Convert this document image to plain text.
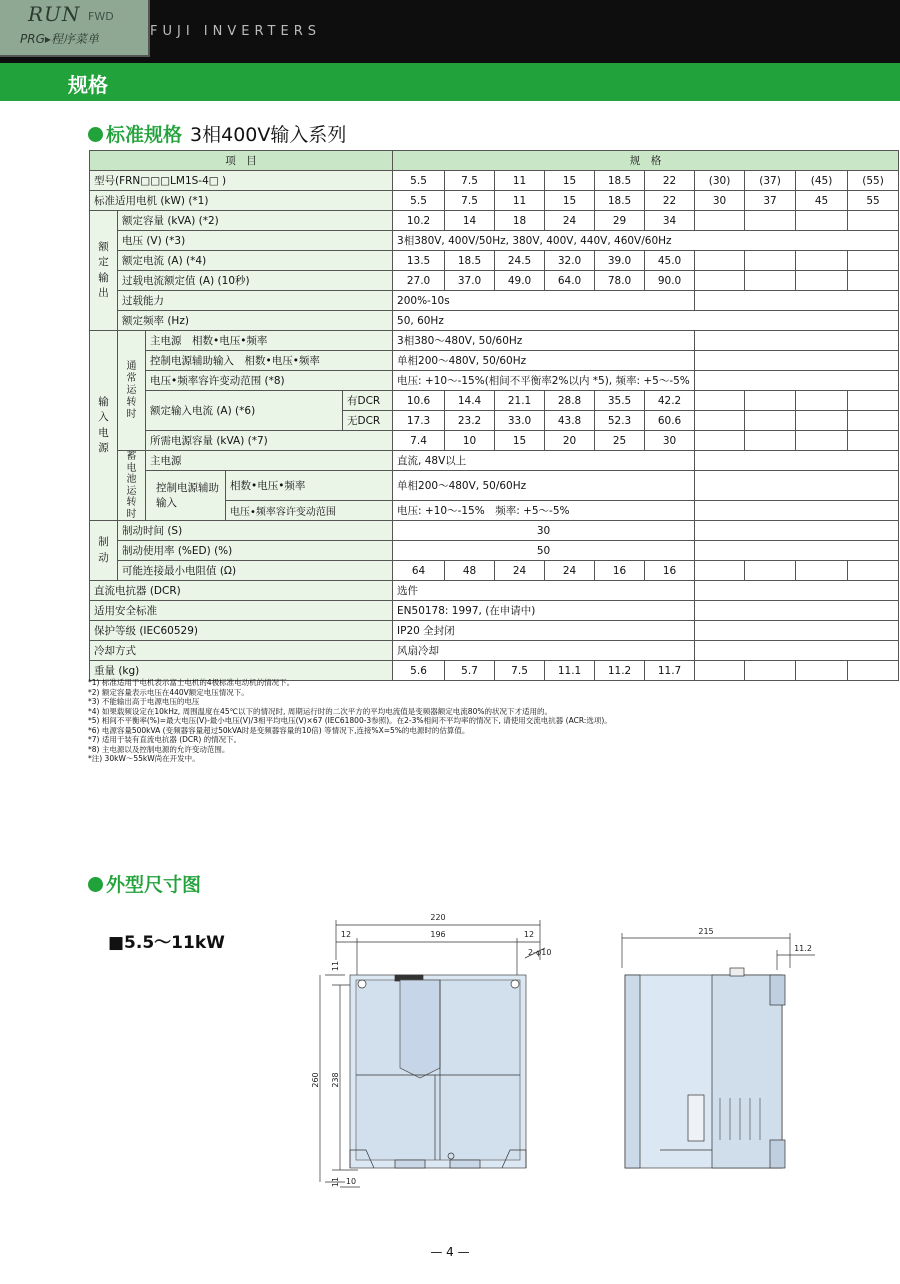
RUN FWD
PRG▸程序菜单	FUJI INVERTERS
规格
标准规格 3相400V输入系列
项　目					规　格									
型号(FRN□□□LM1S-4□ )					5.5	7.5	11	15	18.5	22	(30)	(37)	(45)	(55)
标准适用电机 (kW) (*1)					5.5	7.5	11	15	18.5	22	30	37	45	55

额定输出	额定容量 (kVA) (*2)				10.2	14	18	24	29	34				
	电压 (V) (*3)				3相380V, 400V/50Hz, 380V, 400V, 440V, 460V/60Hz									
	额定电流 (A) (*4)				13.5	18.5	24.5	32.0	39.0	45.0				
	过载电流额定值 (A) (10秒)				27.0	37.0	49.0	64.0	78.0	90.0				
	过载能力				200%-10s									
	额定频率 (Hz)				50, 60Hz									

输入电源	通常运转时	主电源　相数•电压•频率			3相380～480V, 50/60Hz									
		控制电源辅助输入　相数•电压•频率			单相200～480V, 50/60Hz									
		电压•频率容许变动范围 (*8)			电压: +10～-15%(相间不平衡率2%以内 *5), 频率: +5～-5%									
		额定输入电流 (A) (*6)		有DCR	10.6	14.4	21.1	28.8	35.5	42.2				
				无DCR	17.3	23.2	33.0	43.8	52.3	60.6				
		所需电源容量 (kVA) (*7)			7.4	10	15	20	25	30				

	蓄电池运转时	主电源			直流, 48V以上									
		控制电源辅助输入	相数•电压•频率		单相200～480V, 50/60Hz									
			电压•频率容许变动范围		电压: +10～-15%　频率: +5～-5%									

制动	制动时间 (S)				30									
	制动使用率 (%ED) (%)				50									
	可能连接最小电阻值 (Ω)				64	48	24	24	16	16				
直流电抗器 (DCR)					选件									
适用安全标准					EN50178: 1997, (在申请中)									
保护等级 (IEC60529)					IP20 全封闭									
冷却方式					风扇冷却									
重量 (kg)					5.6	5.7	7.5	11.1	11.2	11.7				
*1) 标准适用于电机表示富士电机的4极标准电动机的情况下。
*2) 额定容量表示电压在440V额定电压情况下。
*3) 不能输出高于电源电压的电压
*4) 如果载频设定在10kHz, 周围温度在45℃以下的情况时, 周期运行时的二次平方的平均电流值是变频器额定电流80%的状况下才适用的。
*5) 相间不平衡率(%)=最大电压(V)-最小电压(V)/3相平均电压(V)×67 (IEC61800-3参照)。在2-3%相间不平均率的情况下, 请使用交流电抗器 (ACR:选项)。
*6) 电源容量500kVA (变频器容量超过50kVA时是变频器容量的10倍) 等情况下,连接%X=5%的电源时的估算值。
*7) 适用于装有直流电抗器 (DCR) 的情况下。
*8) 主电源以及控制电源的允许变动范围。
*注) 30kW～55kW尚在开发中。
外型尺寸图
■5.5～11kW
220
12	196	12
2-φ10
260 238
11
11 10
215
11.2
— 4 —
